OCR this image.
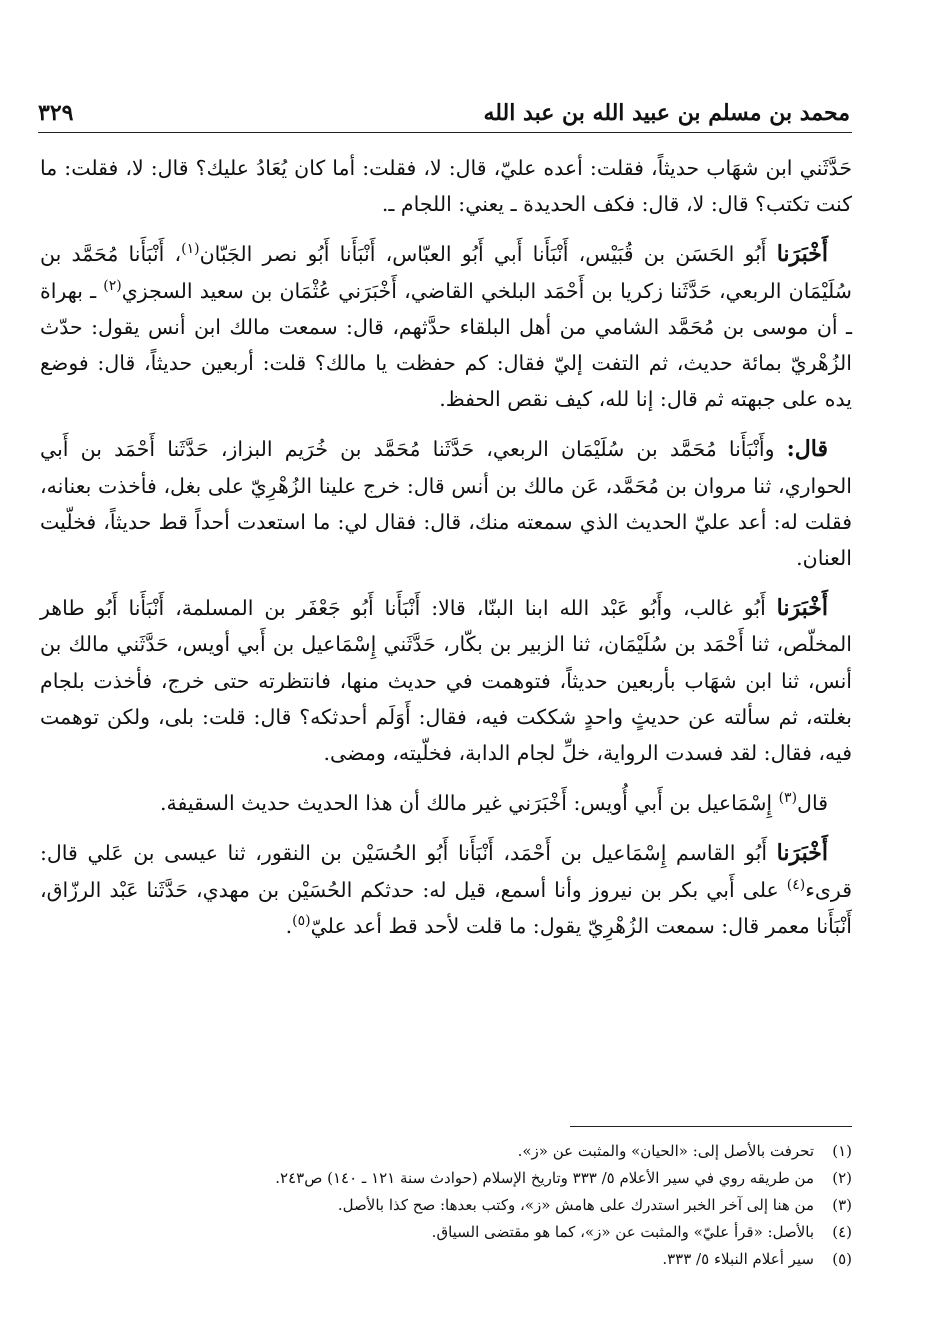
محمد بن مسلم بن عبيد الله بن عبد الله
٣٢٩

حَدَّثَني ابن شهَاب حديثاً، فقلت: أعده عليّ، قال: لا، فقلت: أما كان يُعَادُ عليك؟ قال: لا، فقلت: ما كنت تكتب؟ قال: لا، قال: فكف الحديدة ـ يعني: اللجام ـ.

أَخْبَرَنا أَبُو الحَسَن بن قُبَيْس، أَنْبَأَنا أَبي أَبُو العبّاس، أَنْبَأَنا أَبُو نصر الجَبّان$^{(١)}$، أَنْبَأَنا مُحَمَّد بن سُلَيْمَان الربعي، حَدَّثَنا زكريا بن أَحْمَد البلخي القاضي، أَخْبَرَني عُثْمَان بن سعيد السجزي$^{(٢)}$ ـ بهراة ـ أن موسى بن مُحَمَّد الشامي من أهل البلقاء حدَّثهم، قال: سمعت مالك ابن أنس يقول: حدّث الزُهْريّ بمائة حديث، ثم التفت إليّ فقال: كم حفظت يا مالك؟ قلت: أربعين حديثاً، قال: فوضع يده على جبهته ثم قال: إنا لله، كيف نقص الحفظ.

قال: وأَنْبَأَنا مُحَمَّد بن سُلَيْمَان الربعي، حَدَّثَنا مُحَمَّد بن خُرَيم البزاز، حَدَّثَنا أَحْمَد بن أَبي الحواري، ثنا مروان بن مُحَمَّد، عَن مالك بن أنس قال: خرج علينا الزُهْرِيّ على بغل، فأخذت بعنانه، فقلت له: أعد عليّ الحديث الذي سمعته منك، قال: فقال لي: ما استعدت أحداً قط حديثاً، فخلّيت العنان.

أَخْبَرَنا أَبُو غالب، وأَبُو عَبْد الله ابنا البنّا، قالا: أَنْبَأَنا أَبُو جَعْفَر بن المسلمة، أَنْبَأَنا أَبُو طاهر المخلّص، ثنا أَحْمَد بن سُلَيْمَان، ثنا الزبير بن بكّار، حَدَّثَني إِسْمَاعيل بن أَبي أويس، حَدَّثَني مالك بن أنس، ثنا ابن شهَاب بأربعين حديثاً، فتوهمت في حديث منها، فانتظرته حتى خرج، فأخذت بلجام بغلته، ثم سألته عن حديثٍ واحدٍ شككت فيه، فقال: أَوَلَم أحدثكه؟ قال: قلت: بلى، ولكن توهمت فيه، فقال: لقد فسدت الرواية، خلِّ لجام الدابة، فخلّيته، ومضى.

قال$^{(٣)}$ إِسْمَاعيل بن أَبي أُويس: أَخْبَرَني غير مالك أن هذا الحديث حديث السقيفة.

أَخْبَرَنا أَبُو القاسم إِسْمَاعيل بن أَحْمَد، أَنْبَأَنا أَبُو الحُسَيْن بن النقور، ثنا عيسى بن عَلي قال: قرىء$^{(٤)}$ على أَبي بكر بن نيروز وأنا أسمع، قيل له: حدثكم الحُسَيْن بن مهدي، حَدَّثَنا عَبْد الرزّاق، أَنْبَأَنا معمر قال: سمعت الزُهْرِيّ يقول: ما قلت لأحد قط أعد عليّ$^{(٥)}$.

(١)
تحرفت بالأصل إلى: «الحيان» والمثبت عن «ز».
(٢)
من طريقه روي في سير الأعلام ٥/ ٣٣٣ وتاريخ الإسلام (حوادث سنة ١٢١ ـ ١٤٠) ص٢٤٣.
(٣)
من هنا إلى آخر الخبر استدرك على هامش «ز»، وكتب بعدها: صح كذا بالأصل.
(٤)
بالأصل: «قرأ عليّ» والمثبت عن «ز»، كما هو مقتضى السياق.
(٥)
سير أعلام النبلاء ٥/ ٣٣٣.
